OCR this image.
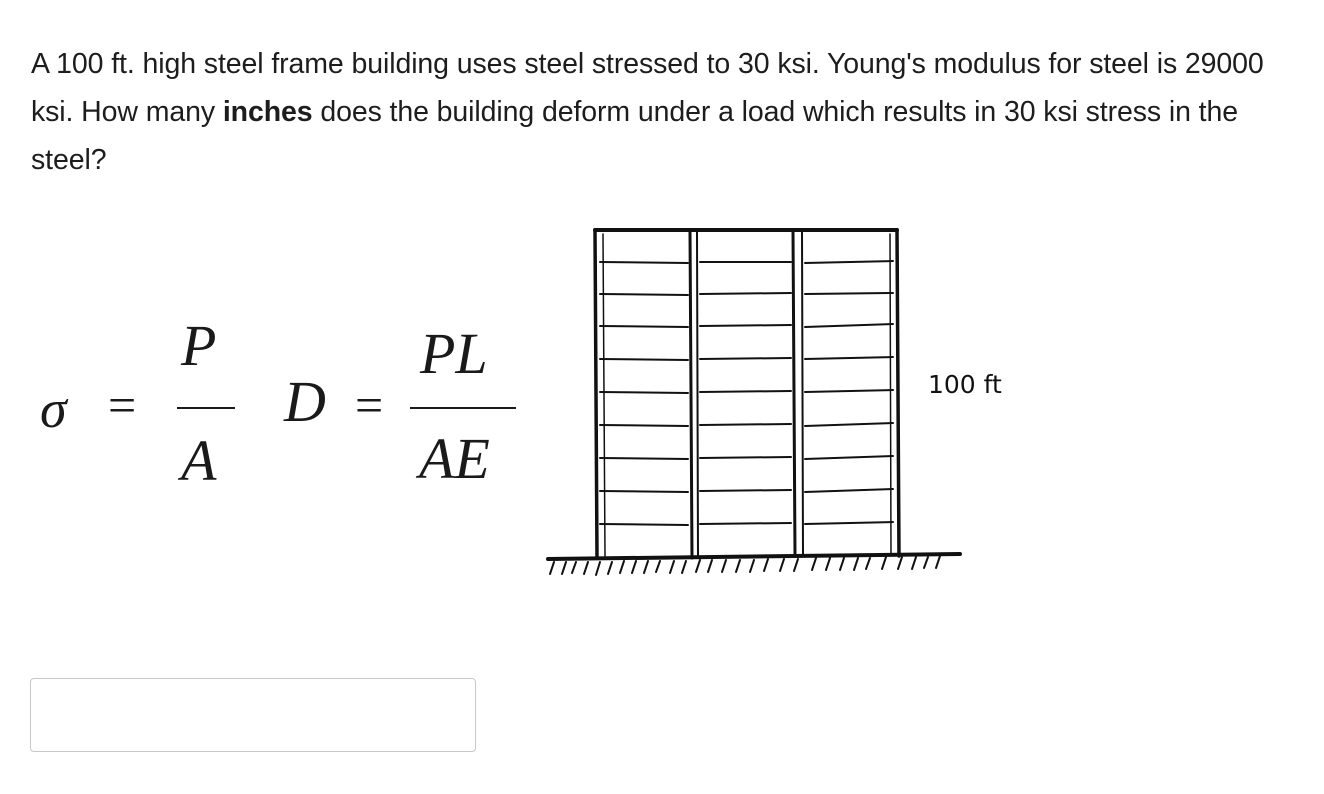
A 100 ft. high steel frame building uses steel stressed to 30 ksi. Young's modulus for steel is 29000 ksi. How many inches does the building deform under a load which results in 30 ksi stress in the steel?
σ =
P
A
D =
PL
AE
100 ft
